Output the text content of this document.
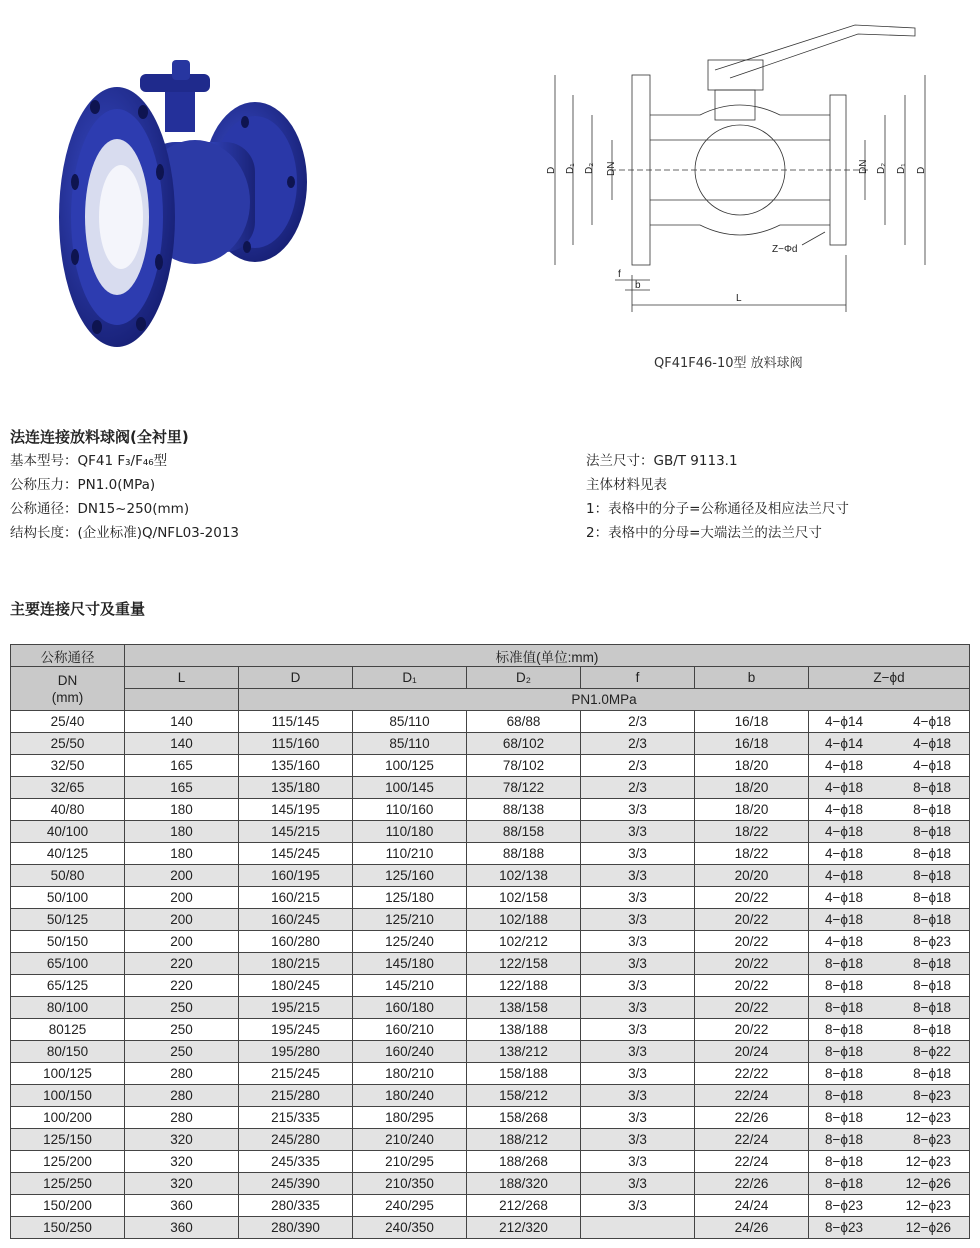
D D₁ D₂ DN	DN D₂ D₁ D
f
b
L
Z−Φd
QF41F46-10型 放料球阀
法连连接放料球阀(全衬里)
基本型号：QF41 F₃/F₄₆型
公称压力：PN1.0(MPa)
公称通径：DN15~250(mm)
结构长度：(企业标准)Q/NFL03-2013
法兰尺寸：GB/T 9113.1
主体材料见表
1：表格中的分子=公称通径及相应法兰尺寸
2：表格中的分母=大端法兰的法兰尺寸
主要连接尺寸及重量
公称通径	标准值(单位:mm)						
DN
(mm)	L	D	D₁	D₂	f	b	Z−ϕd
		PN1.0MPa					
25/40	140	115/145	85/110	68/88	2/3	16/18	4−ϕ14 4−ϕ18

25/50	140	115/160	85/110	68/102	2/3	16/18	4−ϕ14 4−ϕ18

32/50	165	135/160	100/125	78/102	2/3	18/20	4−ϕ18 4−ϕ18

32/65	165	135/180	100/145	78/122	2/3	18/20	4−ϕ18 8−ϕ18

40/80	180	145/195	110/160	88/138	3/3	18/20	4−ϕ18 8−ϕ18

40/100	180	145/215	110/180	88/158	3/3	18/22	4−ϕ18 8−ϕ18

40/125	180	145/245	110/210	88/188	3/3	18/22	4−ϕ18 8−ϕ18

50/80	200	160/195	125/160	102/138	3/3	20/20	4−ϕ18 8−ϕ18

50/100	200	160/215	125/180	102/158	3/3	20/22	4−ϕ18 8−ϕ18

50/125	200	160/245	125/210	102/188	3/3	20/22	4−ϕ18 8−ϕ18

50/150	200	160/280	125/240	102/212	3/3	20/22	4−ϕ18 8−ϕ23

65/100	220	180/215	145/180	122/158	3/3	20/22	8−ϕ18 8−ϕ18

65/125	220	180/245	145/210	122/188	3/3	20/22	8−ϕ18 8−ϕ18

80/100	250	195/215	160/180	138/158	3/3	20/22	8−ϕ18 8−ϕ18

80125	250	195/245	160/210	138/188	3/3	20/22	8−ϕ18 8−ϕ18

80/150	250	195/280	160/240	138/212	3/3	20/24	8−ϕ18 8−ϕ22

100/125	280	215/245	180/210	158/188	3/3	22/22	8−ϕ18 8−ϕ18

100/150	280	215/280	180/240	158/212	3/3	22/24	8−ϕ18 8−ϕ23

100/200	280	215/335	180/295	158/268	3/3	22/26	8−ϕ18 12−ϕ23

125/150	320	245/280	210/240	188/212	3/3	22/24	8−ϕ18 8−ϕ23

125/200	320	245/335	210/295	188/268	3/3	22/24	8−ϕ18 12−ϕ23

125/250	320	245/390	210/350	188/320	3/3	22/26	8−ϕ18 12−ϕ26

150/200	360	280/335	240/295	212/268	3/3	24/24	8−ϕ23 12−ϕ23

150/250	360	280/390	240/350	212/320		24/26	8−ϕ23 12−ϕ26
